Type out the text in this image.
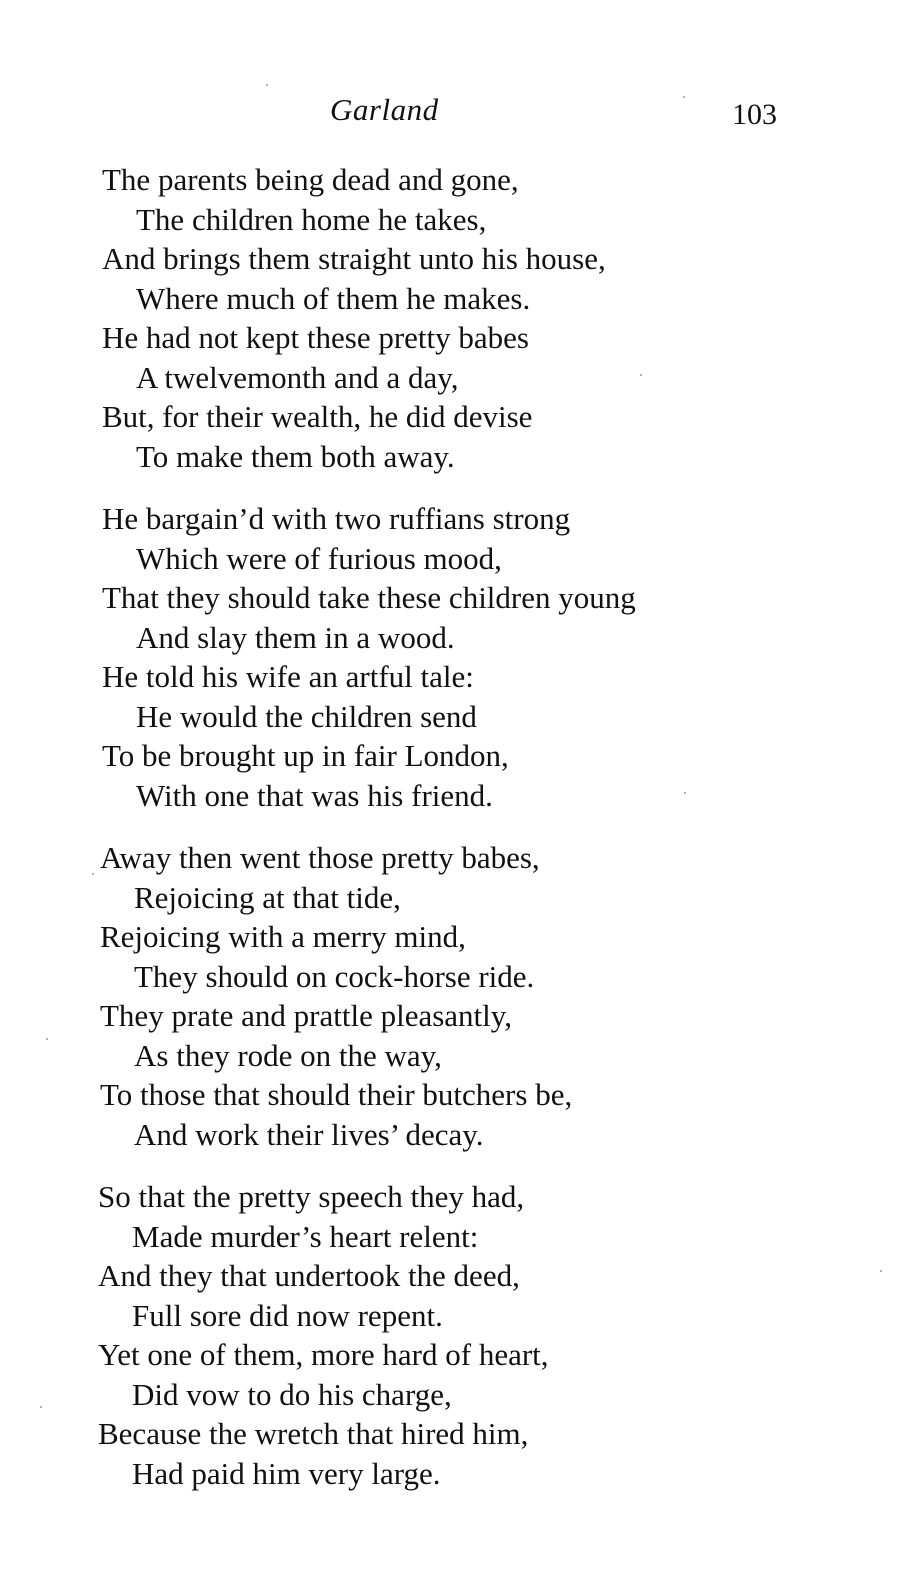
Garland	103
The parents being dead and gone,
The children home he takes,
And brings them straight unto his house,
Where much of them he makes.
He had not kept these pretty babes
A twelvemonth and a day,
But, for their wealth, he did devise
To make them both away.
He bargain’d with two ruffians strong
Which were of furious mood,
That they should take these children young
And slay them in a wood.
He told his wife an artful tale:
He would the children send
To be brought up in fair London,
With one that was his friend.
Away then went those pretty babes,
Rejoicing at that tide,
Rejoicing with a merry mind,
They should on cock-horse ride.
They prate and prattle pleasantly,
As they rode on the way,
To those that should their butchers be,
And work their lives’ decay.
So that the pretty speech they had,
Made murder’s heart relent:
And they that undertook the deed,
Full sore did now repent.
Yet one of them, more hard of heart,
Did vow to do his charge,
Because the wretch that hired him,
Had paid him very large.
